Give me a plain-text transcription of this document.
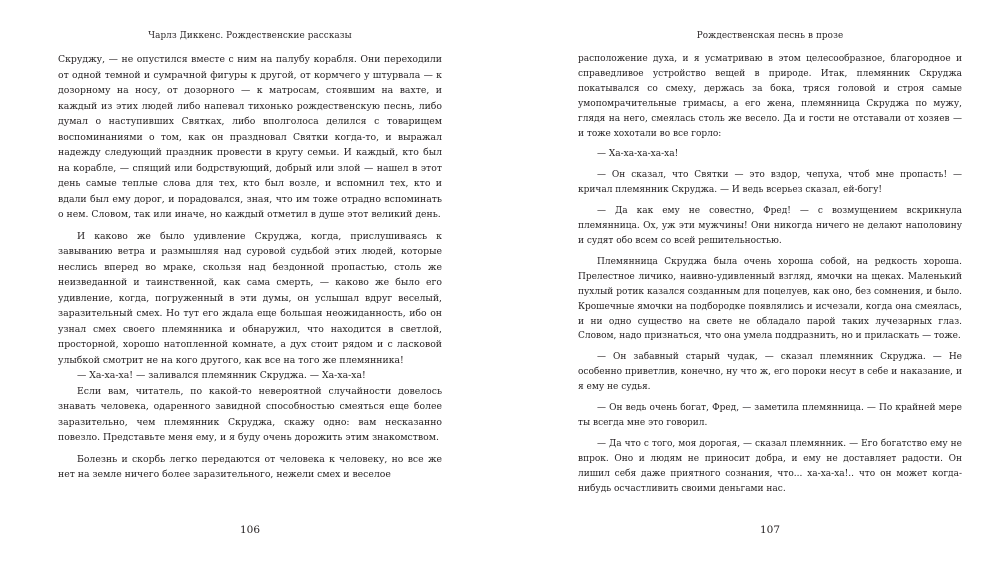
Чарлз Диккенс. Рождественские рассказы

Скруджу, — не опустился вместе с ним на палубу корабля. Они переходили от одной темной и сумрачной фигуры к другой, от кормчего у штурвала — к дозорному на носу, от дозорного — к матросам, стоявшим на вахте, и каждый из этих людей либо напевал тихонько рождественскую песнь, либо думал о наступивших Святках, либо вполголоса делился с товарищем воспоминаниями о том, как он праздновал Святки когда-то, и выражал надежду следующий праздник провести в кругу семьи. И каждый, кто был на корабле, — спящий или бодрствующий, добрый или злой — нашел в этот день самые теплые слова для тех, кто был возле, и вспомнил тех, кто и вдали был ему дорог, и порадовался, зная, что им тоже отрадно вспоминать о нем. Словом, так или иначе, но каждый отметил в душе этот великий день.

И каково же было удивление Скруджа, когда, прислушиваясь к завыванию ветра и размышляя над суровой судьбой этих людей, которые неслись вперед во мраке, скользя над бездонной пропастью, столь же неизведанной и таинственной, как сама смерть, — каково же было его удивление, когда, погруженный в эти думы, он услышал вдруг веселый, заразительный смех. Но тут его ждала еще большая неожиданность, ибо он узнал смех своего племянника и обнаружил, что находится в светлой, просторной, хорошо натопленной комнате, а дух стоит рядом и с ласковой улыбкой смотрит не на кого другого, как все на того же племянника!

— Ха-ха-ха! — заливался племянник Скруджа. — Ха-ха-ха!

Если вам, читатель, по какой-то невероятной случайности довелось знавать человека, одаренного завидной способностью смеяться еще более заразительно, чем племянник Скруджа, скажу одно: вам несказанно повезло. Представьте меня ему, и я буду очень дорожить этим знакомством.

Болезнь и скорбь легко передаются от человека к человеку, но все же нет на земле ничего более заразительного, нежели смех и веселое

106
Рождественская песнь в прозе

расположение духа, и я усматриваю в этом целесообразное, благородное и справедливое устройство вещей в природе. Итак, племянник Скруджа покатывался со смеху, держась за бока, тряся головой и строя самые умопомрачительные гримасы, а его жена, племянница Скруджа по мужу, глядя на него, смеялась столь же весело. Да и гости не отставали от хозяев — и тоже хохотали во все горло:

— Ха-ха-ха-ха-ха!

— Он сказал, что Святки — это вздор, чепуха, чтоб мне пропасть! — кричал племянник Скруджа. — И ведь всерьез сказал, ей-богу!

— Да как ему не совестно, Фред! — с возмущением вскрикнула племянница. Ох, уж эти мужчины! Они никогда ничего не делают наполовину и судят обо всем со всей решительностью.

Племянница Скруджа была очень хороша собой, на редкость хороша. Прелестное личико, наивно-удивленный взгляд, ямочки на щеках. Маленький пухлый ротик казался созданным для поцелуев, как оно, без сомнения, и было. Крошечные ямочки на подбородке появлялись и исчезали, когда она смеялась, и ни одно существо на свете не обладало парой таких лучезарных глаз. Словом, надо признаться, что она умела поддразнить, но и приласкать — тоже.

— Он забавный старый чудак, — сказал племянник Скруджа. — Не особенно приветлив, конечно, ну что ж, его пороки несут в себе и наказание, и я ему не судья.

— Он ведь очень богат, Фред, — заметила племянница. — По крайней мере ты всегда мне это говорил.

— Да что с того, моя дорогая, — сказал племянник. — Его богатство ему не впрок. Оно и людям не приносит добра, и ему не доставляет радости. Он лишил себя даже приятного сознания, что... ха-ха-ха!.. что он может когда-нибудь осчастливить своими деньгами нас.

107
